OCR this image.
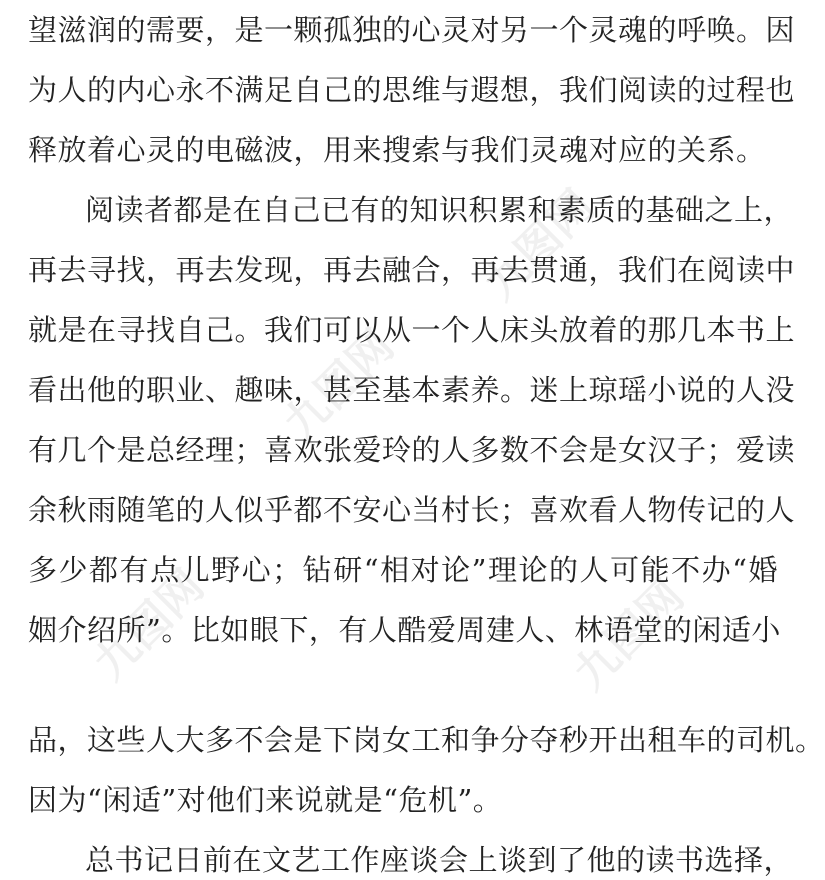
九图网
九图网
九图网	九图网
望滋润的需要，是一颗孤独的心灵对另一个灵魂的呼唤。因
为人的内心永不满足自己的思维与遐想，我们阅读的过程也
释放着心灵的电磁波，用来搜索与我们灵魂对应的关系。
阅读者都是在自己已有的知识积累和素质的基础之上，
再去寻找，再去发现，再去融合，再去贯通，我们在阅读中
就是在寻找自己。我们可以从一个人床头放着的那几本书上
看出他的职业、趣味，甚至基本素养。迷上琼瑶小说的人没
有几个是总经理；喜欢张爱玲的人多数不会是女汉子；爱读
余秋雨随笔的人似乎都不安心当村长；喜欢看人物传记的人
多少都有点儿野心；钻研“相对论”理论的人可能不办“婚
姻介绍所”。比如眼下，有人酷爱周建人、林语堂的闲适小
品，这些人大多不会是下岗女工和争分夺秒开出租车的司机。
因为“闲适”对他们来说就是“危机”。
总书记日前在文艺工作座谈会上谈到了他的读书选择，
